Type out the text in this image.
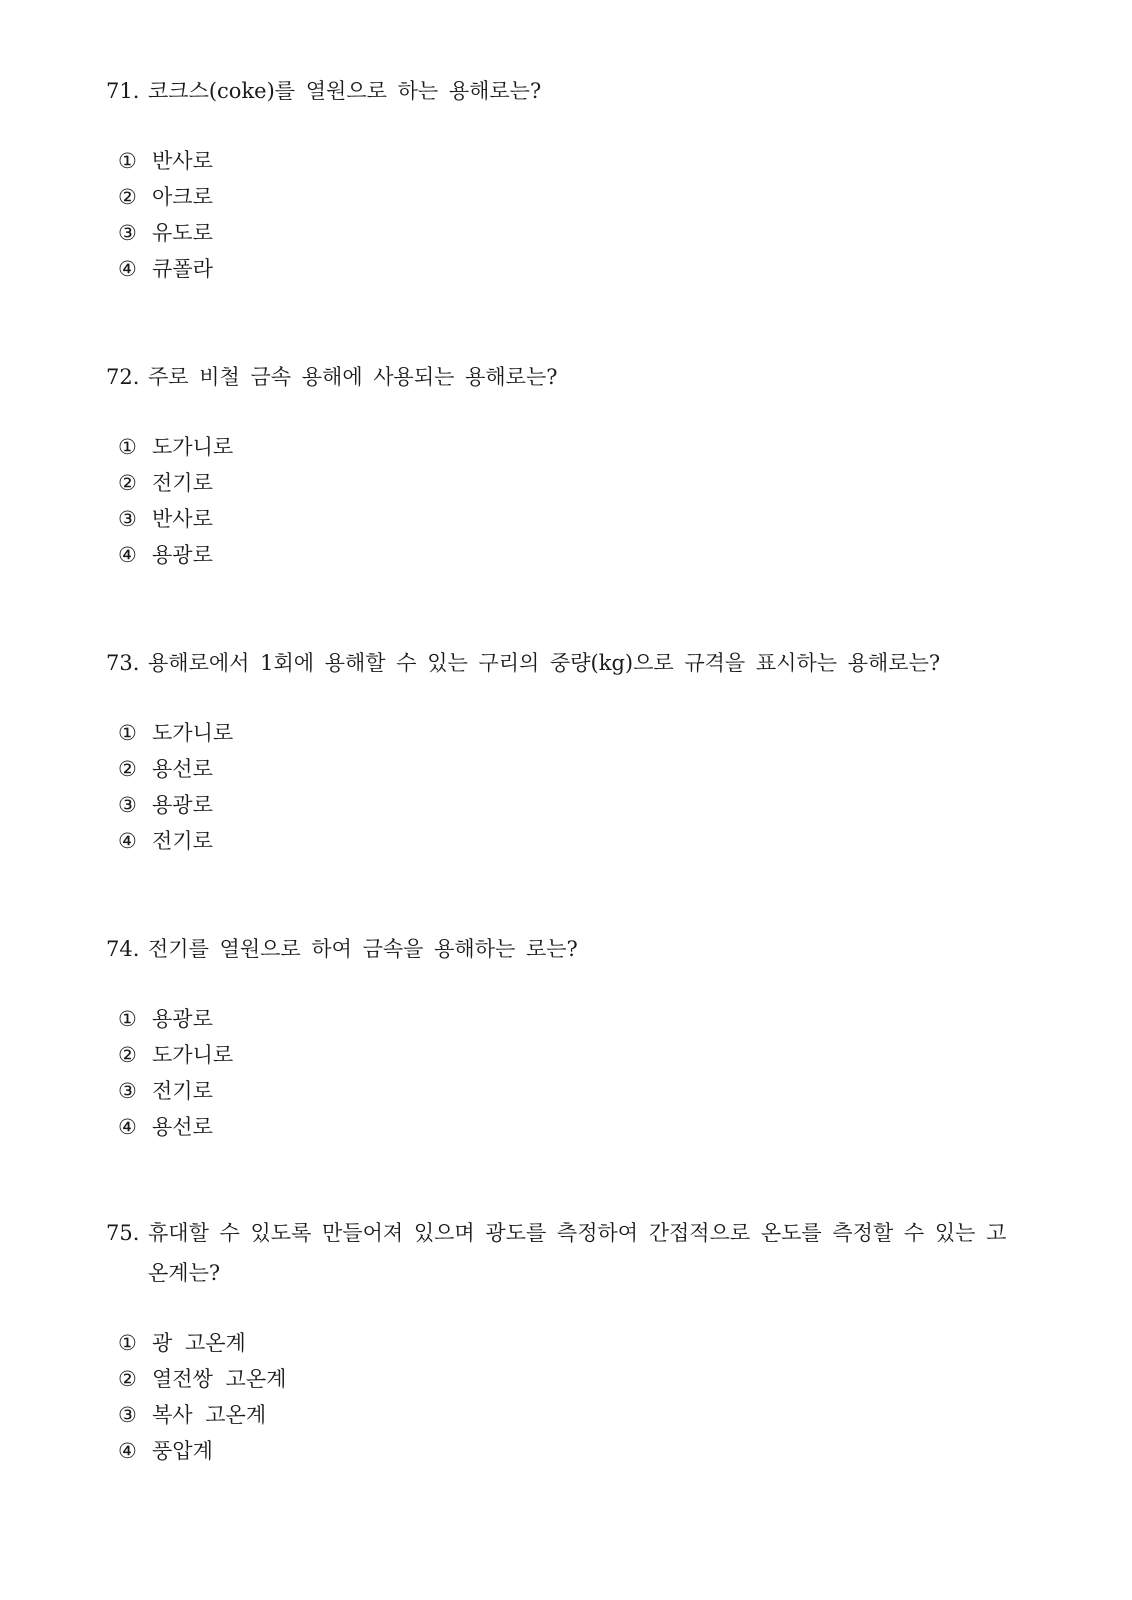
71. 코크스(coke)를 열원으로 하는 용해로는?
① 반사로
② 아크로
③ 유도로
④ 큐폴라
72. 주로 비철 금속 용해에 사용되는 용해로는?
① 도가니로
② 전기로
③ 반사로
④ 용광로
73. 용해로에서 1회에 용해할 수 있는 구리의 중량(kg)으로 규격을 표시하는 용해로는?
① 도가니로
② 용선로
③ 용광로
④ 전기로
74. 전기를 열원으로 하여 금속을 용해하는 로는?
① 용광로
② 도가니로
③ 전기로
④ 용선로
75. 휴대할 수 있도록 만들어져 있으며 광도를 측정하여 간접적으로 온도를 측정할 수 있는 고온계는?
① 광 고온계
② 열전쌍 고온계
③ 복사 고온계
④ 풍압계
